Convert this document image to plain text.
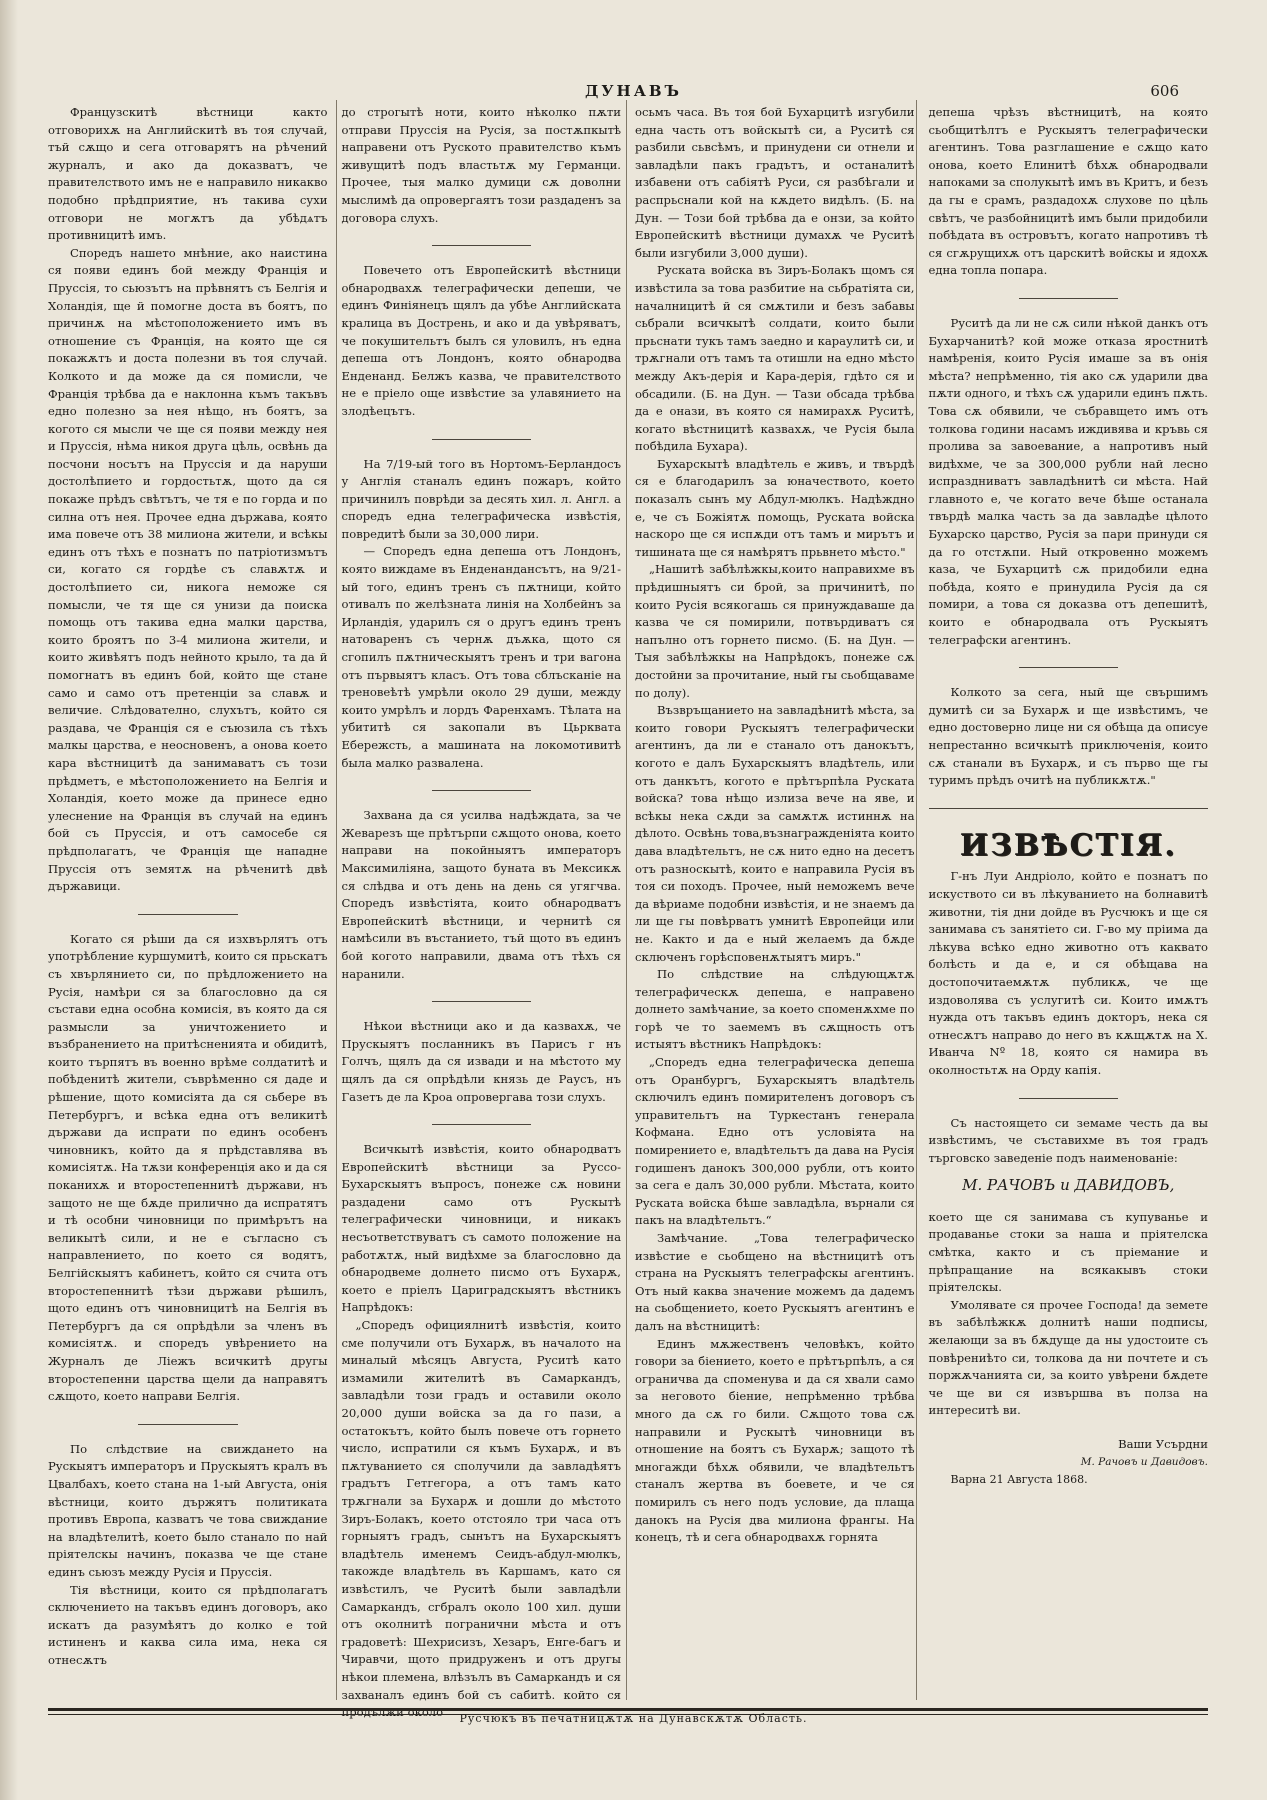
ДУНАВЪ	606

Французскитѣ вѣстници както отговорихѫ на Английскитѣ въ тоя случай, тъй сѫщо и сега отговарятъ на рѣчений журналъ, и ако да доказватъ, че правителството имъ не е направило никакво подобно прѣдприятие, нъ такива сухи отговори не могѫтъ да убѣдѧтъ противницитѣ имъ.

Споредъ нашето мнѣние, ако наистина ся появи единъ бой между Франція и Пруссія, то сьюзътъ на прѣвнятъ съ Белгія и Холандія, ще й помогне доста въ боятъ, по причинѫ на мѣстоположението имъ въ отношение съ Франція, на която ще ся покажѫтъ и доста полезни въ тоя случай. Колкото и да може да ся помисли, че Франція трѣбва да е наклонна къмъ такъвъ едно полезно за нея нѣщо, нъ боятъ, за когото ся мысли че ще ся появи между нея и Пруссія, нѣма никоя друга цѣль, освѣнь да посчони носътъ на Пруссія и да наруши достолѣпието и гордостьтѫ, щото да ся покаже прѣдъ свѣтътъ, че тя е по горда и по силна отъ нея. Прочее една държава, която има повече отъ 38 милиона жители, и всѣкы единъ отъ тѣхъ е познатъ по патріотизмътъ си, когато ся гордѣе съ славѫтѫ и достолѣпието си, никога неможе ся помысли, че тя ще ся унизи да поиска помощь отъ такива една малки царства, които броятъ по 3-4 милиона жители, и които живѣятъ подъ нейното крыло, та да й помогнатъ въ единъ бой, който ще стане само и само отъ претенціи за славѫ и величие. Слѣдователно, слухътъ, който ся раздава, че Франція ся е съюзила съ тѣхъ малкы царства, е неосновенъ, а онова което кара вѣстницитѣ да занимаватъ съ този прѣдметъ, е мѣстоположението на Белгія и Холандія, което може да принесе едно улеснение на Франція въ случай на единъ бой съ Пруссія, и отъ самосебе ся прѣдполагатъ, че Франція ще нападне Пруссія отъ земятѫ на рѣченитѣ двѣ държавици.

Когато ся рѣши да ся изхвърлятъ отъ употрѣбление куршумитѣ, които ся прьскатъ съ хвърлянието си, по прѣдложението на Русія, намѣри ся за благословно да ся състави една особна комисія, въ която да ся размысли за уничтожението и възбранението на притѣсненията и обидитѣ, които търпятъ въ военно врѣме солдатитѣ и побѣденитѣ жители, съврѣменно ся даде и рѣшение, щото комисіята да ся сьбере въ Петербургъ, и всѣка една отъ великитѣ държави да испрати по единъ особенъ чиновникъ, който да я прѣдставлява въ комисіятѫ. На тѫзи конференція ако и да ся поканихѫ и второстепеннитѣ държави, нъ защото не ще бѫде прилично да испратятъ и тѣ особни чиновници по примѣрътъ на великытѣ сили, и не е съгласно съ направлението, по което ся водятъ, Белгійскыятъ кабинетъ, който ся счита отъ второстепеннитѣ тѣзи държави рѣшилъ, щото единъ отъ чиновницитѣ на Белгія въ Петербургъ да ся опрѣдѣли за членъ въ комисіятѫ. и споредъ увѣрението на Журналъ де Ліежъ всичкитѣ другы второстепенни царства щели да направятъ сѫщото, което направи Белгія.

По слѣдствие на свиждането на Рускыятъ императоръ и Прускыятъ кралъ въ Цвалбахъ, което стана на 1-ый Августа, онія вѣстници, които държятъ политиката противъ Европа, казватъ че това свиждание на владѣтелитѣ, което было станало по най пріятелскы начинъ, показва че ще стане единъ сьюзъ между Русія и Пруссія.

Тія вѣстници, които ся прѣдполагатъ сключението на такъвъ единъ договоръ, ако искатъ да разумѣятъ до колко е той истиненъ и каква сила има, нека ся отнесѫтъ

до строгытѣ ноти, които нѣколко пѫти отправи Пруссія на Русія, за постѫпкытѣ направени отъ Руското правителство къмъ живущитѣ подъ властьтѫ му Германци. Прочее, тыя малко думици сѫ доволни мыслимѣ да опровергаятъ този раздаденъ за договора слухъ.

Повечето отъ Европейскитѣ вѣстници обнародвахѫ телеграфически депеши, че единъ Финіянецъ щялъ да убѣе Английската кралица въ Дострень, и ако и да увѣряватъ, че покушительтъ былъ ся уловилъ, нъ една депеша отъ Лондонъ, която обнародва Енденанд. Белжъ казва, че правителството не е пріело още извѣстие за улавянието на злодѣецътъ.

На 7/19-ый того въ Нортомъ-Берландосъ у Англія станалъ единъ пожаръ, който причинилъ поврѣди за десять хил. л. Англ. а споредъ една телеграфическа извѣстія, повредитѣ были за 30,000 лири.

— Споредъ една депеша отъ Лондонъ, която виждаме въ Енденандансътъ, на 9/21-ый того, единъ тренъ съ пѫтници, който отивалъ по желѣзната линія на Холбейнъ за Ирландія, ударилъ ся о другъ единъ тренъ натоваренъ съ чернѫ дъѫка, щото ся сгопилъ пѫтническыятъ тренъ и три вагона отъ първыятъ класъ. Отъ това сблъсканіе на треновеѣтѣ умрѣли около 29 души, между които умрѣлъ и лордъ Фаренхамъ. Тѣлата на убититѣ ся закопали въ Цьрквата Ебережсть, а машината на локомотивитѣ была малко развалена.

Захвана да ся усилва надѣждата, за че Жеварезъ ще прѣтърпи сѫщото онова, което направи на покойныятъ императоръ Максимиліяна, защото буната въ Мексикѫ ся слѣдва и отъ день на день ся угягчва. Споредъ извѣстіята, които обнародватъ Европейскитѣ вѣстници, и чернитѣ ся намѣсили въ въстанието, тъй щото въ единъ бой когото направили, двама отъ тѣхъ ся наранили.

Нѣкои вѣстници ако и да казвахѫ, че Прускыятъ посланникъ въ Парисъ г нъ Голчъ, щялъ да ся извади и на мѣстото му щялъ да ся опрѣдѣли князь де Раусъ, нъ Газетъ де ла Кроа опровергава този слухъ.

Всичкытѣ извѣстія, които обнародватъ Европейскитѣ вѣстници за Руссо-Бухарскыятъ въпросъ, понеже сѫ новини раздадени само отъ Рускытѣ телеграфически чиновници, и никакъ несъответствуватъ съ самото положение на работѫтѫ, ный видѣхме за благословно да обнародвеме долнето писмо отъ Бухарѫ, което е пріелъ Цариградскыятъ вѣстникъ Напрѣдокъ:

„Споредъ официялнитѣ извѣстія, които сме получили отъ Бухарѫ, въ началото на миналый мѣсяцъ Августа, Руситѣ като измамили жителитѣ въ Самаркандъ, завладѣли този градъ и оставили около 20,000 души войска за да го пази, а остатокътъ, който былъ повече отъ горнето число, испратили ся къмъ Бухарѫ, и въ пѫтуванието ся сполучили да завладѣятъ градътъ Гетгегора, а отъ тамъ като трѫгнали за Бухарѫ и дошли до мѣстото Зиръ-Болакъ, което отстояло три часа отъ горныятъ градъ, сынътъ на Бухарскыятъ владѣтель именемъ Сеидъ-абдул-мюлкъ, такожде владѣтель въ Каршамъ, като ся извѣстилъ, че Руситѣ были завладѣли Самаркандъ, сгбралъ около 100 хил. души отъ околнитѣ погранични мѣста и отъ градоветѣ: Шехрисизъ, Хезаръ, Енге-багъ и Чиравчи, щото придруженъ и отъ другы нѣкои племена, влѣзълъ въ Самаркандъ и ся захваналъ единъ бой съ сабитѣ. който ся продължи около

осьмъ часа. Въ тоя бой Бухарцитѣ изгубили една часть отъ войскытѣ си, а Руситѣ ся разбили сьвсѣмъ, и принудени си отнели и завладѣли пакъ градътъ, и останалитѣ избавени отъ сабіятѣ Руси, ся разбѣгали и распрьснали кой на кѫдето видѣлъ. (Б. на Дун. — Този бой трѣбва да е онзи, за който Европейскитѣ вѣстници думахѫ че Руситѣ были изгубили 3,000 души).

Руската войска въ Зиръ-Болакъ щомъ ся извѣстила за това разбитие на сьбратіята си, началницитѣ й ся смѫтили и безъ забавы сьбрали всичкытѣ солдати, които были прьснати тукъ тамъ заедно и караулитѣ си, и трѫгнали отъ тамъ та отишли на едно мѣсто между Акъ-дерія и Кара-дерія, гдѣто ся и обсадили. (Б. на Дун. — Тази обсада трѣбва да е онази, въ която ся намирахѫ Руситѣ, когато вѣстницитѣ казвахѫ, че Русія была побѣдила Бухара).

Бухарскытѣ владѣтель е живъ, и твърдѣ ся е благодарилъ за юначеството, което показалъ сынъ му Абдул-мюлкъ. Надѣждно е, че съ Божіятѫ помощь, Руската войска наскоро ще ся испѫди отъ тамъ и мирътъ и тишината ще ся намѣрятъ прьвнето мѣсто."

„Нашитѣ забѣлѣжкы,които направихме въ прѣдишныятъ си брой, за причинитѣ, по които Русія всякогашь ся принуждаваше да казва че ся помирили, потвърдиватъ ся напълно отъ горнето писмо. (Б. на Дун. — Тыя забѣлѣжкы на Напрѣдокъ, понеже сѫ достойни за прочитание, ный гы сьобщаваме по долу).

Възвръщанието на завладѣнитѣ мѣста, за които говори Рускыятъ телеграфически агентинъ, да ли е станало отъ данокътъ, когото е далъ Бухарскыятъ владѣтель, или отъ данкътъ, когото е прѣтърпѣла Руската войска? това нѣщо излиза вече на яве, и всѣкы нека сѫди за самѫтѫ истиннѫ на дѣлото. Освѣнь това,възнагражденіята които дава владѣтельтъ, не сѫ нито едно на десетъ отъ разноскытѣ, които е направила Русія въ тоя си походъ. Прочее, ный неможемъ вече да вѣриаме подобни извѣстія, и не знаемъ да ли ще гы повѣрватъ умнитѣ Европейци или не. Както и да е ный желаемъ да бѫде сключенъ горѣсповенѫтыятъ миръ."

По слѣдствие на слѣдующѫтѫ телеграфическѫ депеша, е направено долнето замѣчание, за което споменѫхме по горѣ че то заемемъ въ сѫщность отъ истыятъ вѣстникъ Напрѣдокъ:

„Споредъ една телеграфическа депеша отъ Оранбургъ, Бухарскыятъ владѣтель сключилъ единъ помирителенъ договоръ съ управительтъ на Туркестанъ генерала Кофмана. Едно отъ условіята на помирението е, владѣтельтъ да дава на Русія годишенъ данокъ 300,000 рубли, отъ които за сега е далъ 30,000 рубли. Мѣстата, които Руската войска бѣше завладѣла, върнали ся пакъ на владѣтельтъ.“

Замѣчание. „Това телеграфическо извѣстие е сьобщено на вѣстницитѣ отъ страна на Рускыятъ телеграфскы агентинъ. Отъ ный каква значение можемъ да дадемъ на сьобщението, което Рускыятъ агентинъ е далъ на вѣстницитѣ:

Единъ мѫжественъ человѣкъ, който говори за біението, което е прѣтърпѣлъ, а ся ограничва да споменува и да ся хвали само за неговото біение, непрѣменно трѣбва много да сѫ го били. Сѫщото това сѫ направили и Рускытѣ чиновници въ отношение на боятъ съ Бухарѫ; защото тѣ многажди бѣхѫ обявили, че владѣтельтъ станалъ жертва въ боевете, и че ся помирилъ съ него подъ условие, да плаща данокъ на Русія два милиона франгы. На конецъ, тѣ и сега обнародвахѫ горнята

депеша чрѣзъ вѣстницитѣ, на която сьобщитѣлтъ е Рускыятъ телеграфически агентинъ. Това разглашение е сѫщо като онова, което Елинитѣ бѣхѫ обнародвали напоками за сполукытѣ имъ въ Критъ, и безъ да гы е срамъ, раздадохѫ слухове по цѣль свѣтъ, че разбойницитѣ имъ были придобили побѣдата въ островътъ, когато напротивъ тѣ ся сгѫрущихѫ отъ царскитѣ войскы и ядохѫ една топла попара.

Руситѣ да ли не сѫ сили нѣкой данкъ отъ Бухарчанитѣ? кой може отказа яростнитѣ намѣренія, които Русія имаше за въ онія мѣста? непрѣменно, тія ако сѫ ударили два пѫти одного, и тѣхъ сѫ ударили единъ пѫть. Това сѫ обявили, че събравщето имъ отъ толкова години насамъ иждивява и кръвь ся пролива за завоевание, а напротивъ ный видѣхме, че за 300,000 рубли най лесно испраздниватъ завладѣнитѣ си мѣста. Най главното е, че когато вече бѣше останала твърдѣ малка часть за да завладѣе цѣлото Бухарско царство, Русія за пари принуди ся да го отстѫпи. Ный откровенно можемъ каза, че Бухарцитѣ сѫ придобили една побѣда, която е принудила Русія да ся помири, а това ся доказва отъ депешитѣ, които е обнародвала отъ Рускыятъ телеграфски агентинъ.

Колкото за сега, ный ще свършимъ думитѣ си за Бухарѫ и ще извѣстимъ, че едно достоверно лице ни ся обѣща да описуе непрестанно всичкытѣ приключенія, които сѫ станали въ Бухарѫ, и съ първо ще гы туримъ прѣдъ очитѣ на публикѫтѫ."

ИЗВѢСТІЯ.

Г-нъ Луи Андріоло, който е познатъ по искуството си въ лѣкуванието на болнавитѣ животни, тія дни дойде въ Русчюкъ и ще ся занимава съ занятіето си. Г-во му пріима да лѣкува всѣко едно животно отъ каквато болѣсть и да е, и ся обѣщава на достопочитаемѫтѫ публикѫ, че ще издоволява съ услугитѣ си. Които имѫтъ нужда отъ такъвъ единъ докторъ, нека ся отнесѫтъ направо до него въ кѫщѫтѫ на Х. Иванча Nº 18, която ся намира въ околностьтѫ на Орду капія.

Съ настоящето си земаме честь да вы извѣстимъ, че съставихме въ тоя градъ търговско заведеніе подъ наименованіе:

М. РАЧОВЪ и ДАВИДОВЪ,

което ще ся занимава съ купуванье и продаванье стоки за наша и пріятелска смѣтка, както и съ пріемание и прѣпращание на всякакывъ стоки пріятелскы.

Умолявате ся прочее Господа! да земете въ забѣлѣжкѫ долнитѣ наши подписы, желающи за въ бѫдуще да ны удостоите съ повѣрениѣто си, толкова да ни почтете и съ поржѫчанията си, за които увѣрени бѫдете че ще ви ся извършва въ полза на интереситѣ ви.

Ваши Усърдни
М. Рачовъ и Давидовъ.

Варна 21 Августа 1868.

Русчюкъ въ печатницѫтѫ на Дунавскѫтѫ Область.
